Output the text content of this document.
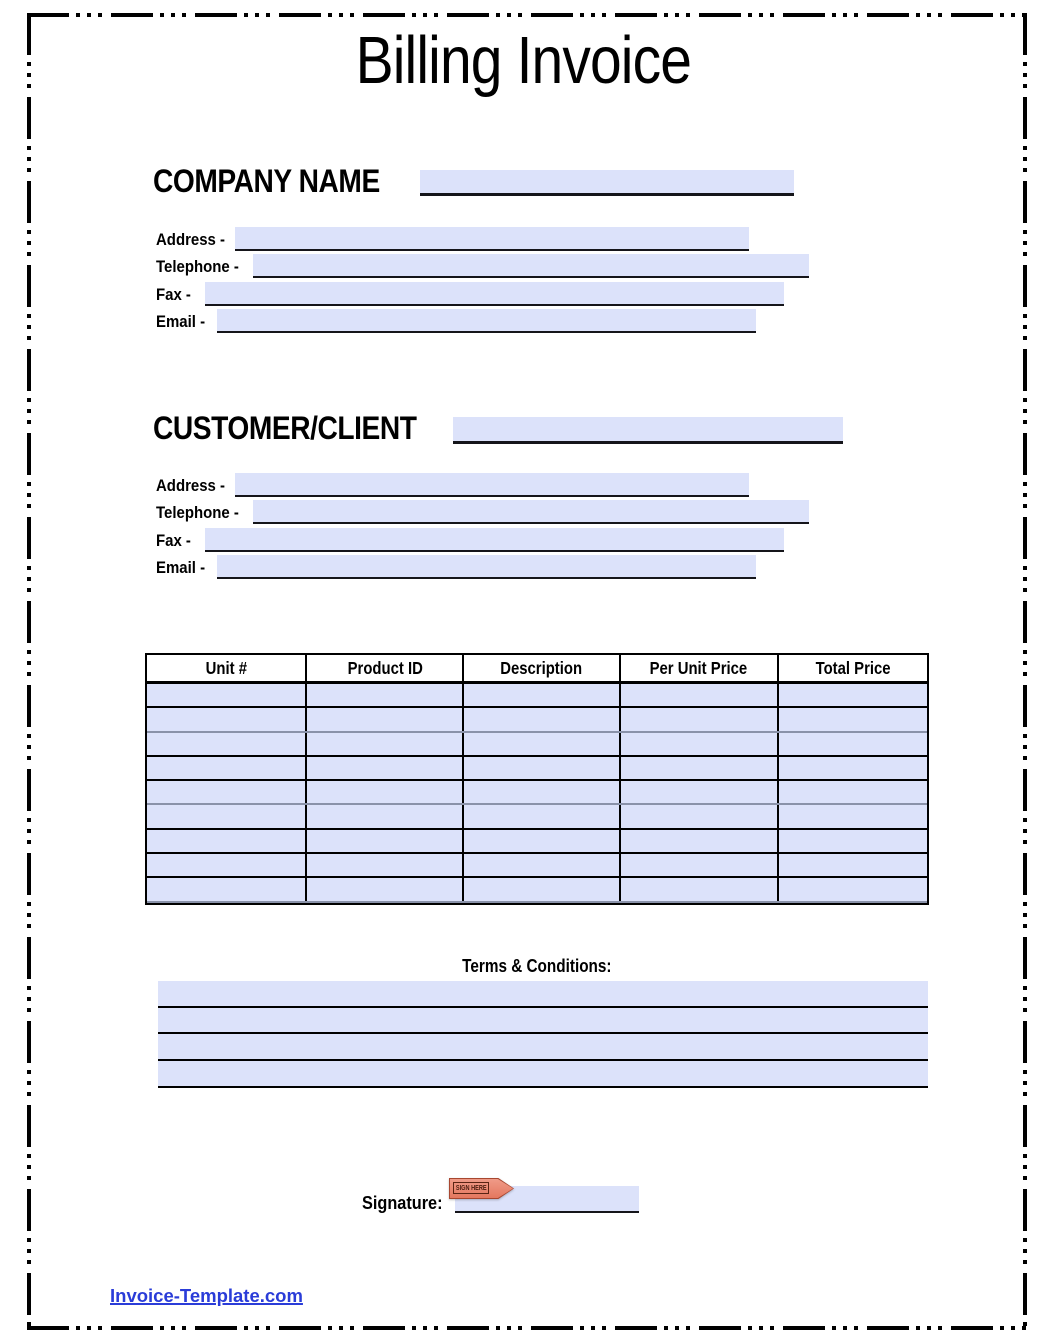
Billing Invoice
COMPANY NAME
Address -
Telephone -
Fax -
Email -
CUSTOMER/CLIENT
Address -
Telephone -
Fax -
Email -
Unit #	Product ID	Description	Per Unit Price	Total Price
Terms & Conditions:
Signature:
SIGN HERE
Invoice-Template.com
